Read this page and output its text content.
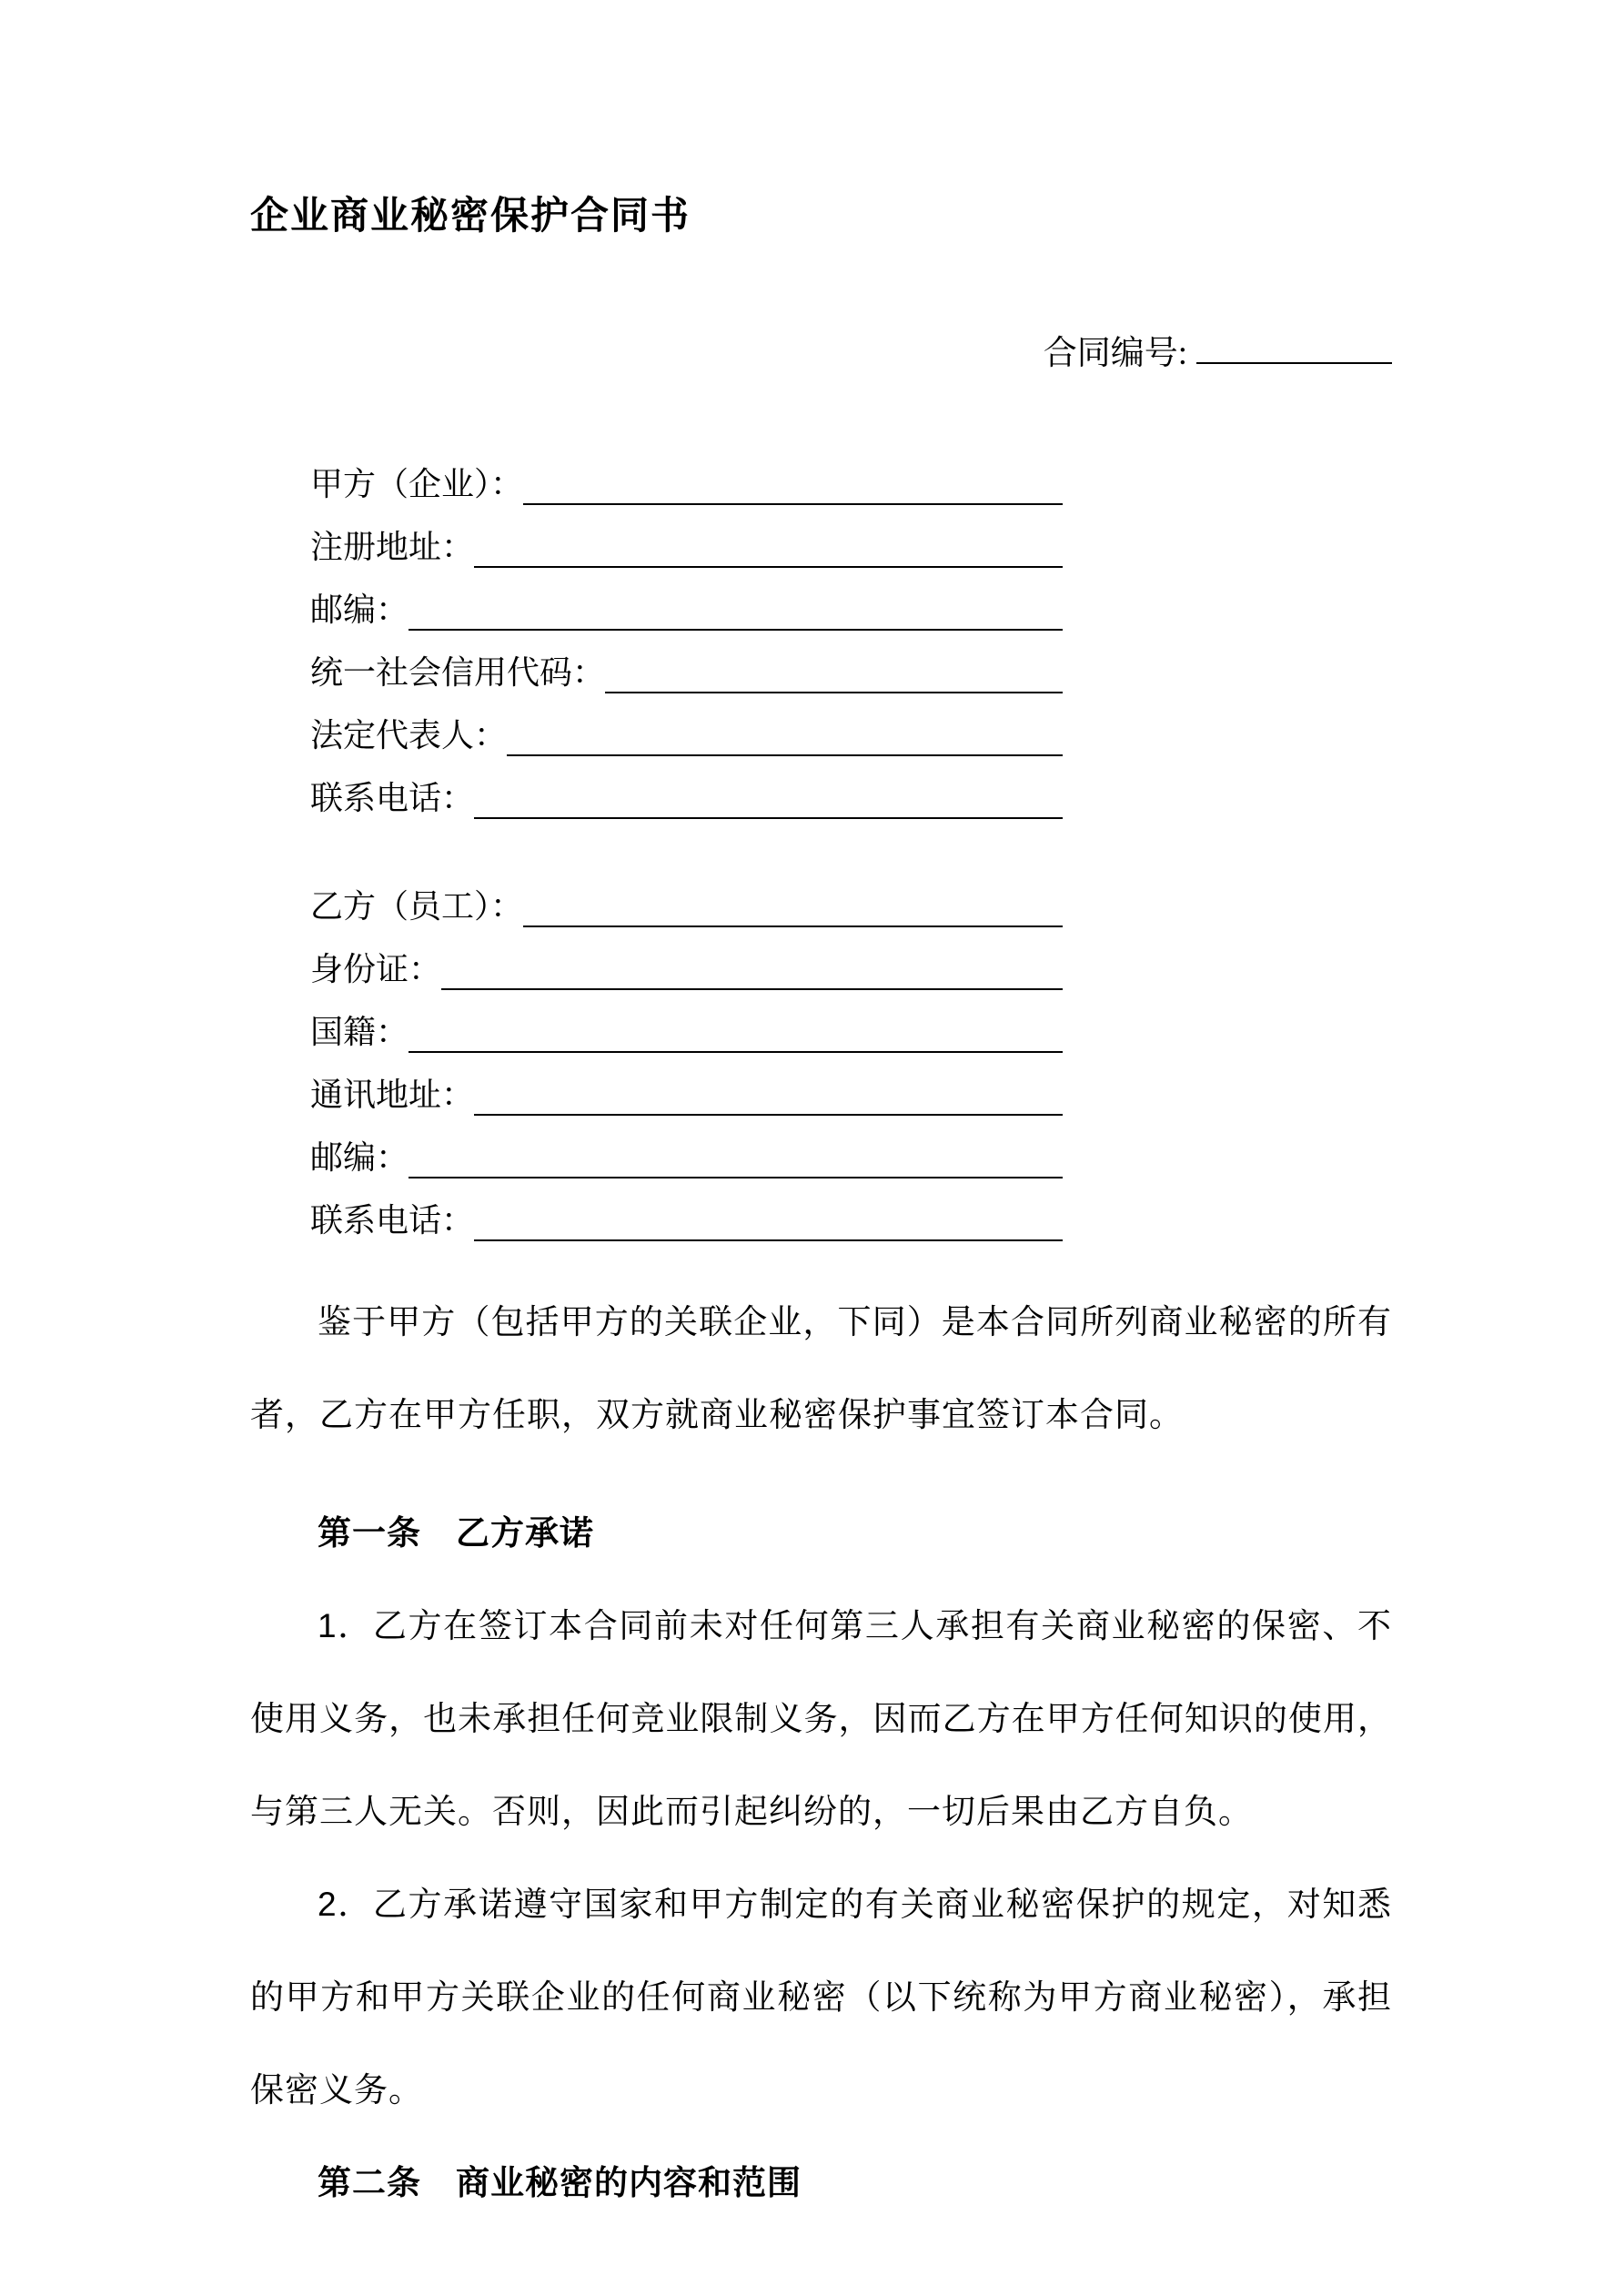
企业商业秘密保护合同书
合同编号:
甲方（企业）：
注册地址：
邮编：
统一社会信用代码：
法定代表人：
联系电话：
乙方（员工）：
身份证：
国籍：
通讯地址：
邮编：
联系电话：

鉴于甲方（包括甲方的关联企业，下同）是本合同所列商业秘密的所有者，乙方在甲方任职，双方就商业秘密保护事宜签订本合同。

第一条　乙方承诺

1．乙方在签订本合同前未对任何第三人承担有关商业秘密的保密、不使用义务，也未承担任何竞业限制义务，因而乙方在甲方任何知识的使用，与第三人无关。否则，因此而引起纠纷的，一切后果由乙方自负。

2．乙方承诺遵守国家和甲方制定的有关商业秘密保护的规定，对知悉的甲方和甲方关联企业的任何商业秘密（以下统称为甲方商业秘密），承担保密义务。

第二条　商业秘密的内容和范围
